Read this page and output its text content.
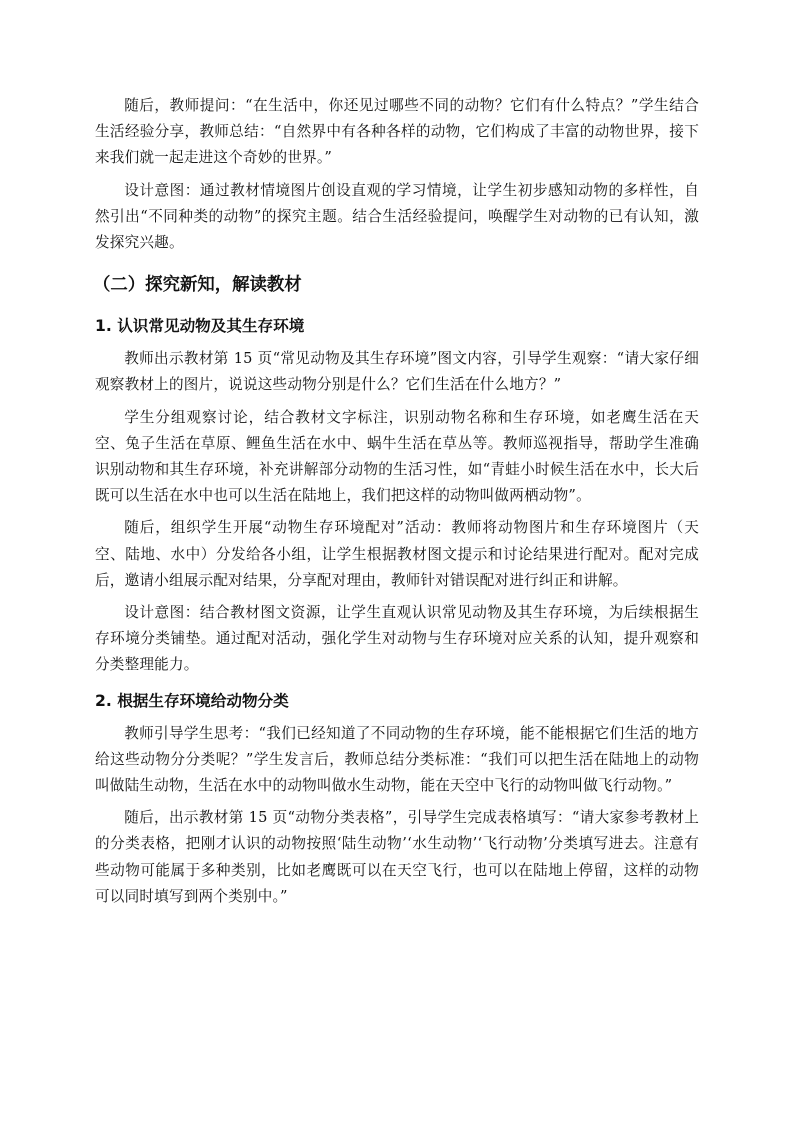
随后，教师提问：“在生活中，你还见过哪些不同的动物？它们有什么特点？”学生结合生活经验分享，教师总结：“自然界中有各种各样的动物，它们构成了丰富的动物世界，接下来我们就一起走进这个奇妙的世界。”

设计意图：通过教材情境图片创设直观的学习情境，让学生初步感知动物的多样性，自然引出“不同种类的动物”的探究主题。结合生活经验提问，唤醒学生对动物的已有认知，激发探究兴趣。

（二）探究新知，解读教材
1. 认识常见动物及其生存环境

教师出示教材第 15 页“常见动物及其生存环境”图文内容，引导学生观察：“请大家仔细观察教材上的图片，说说这些动物分别是什么？它们生活在什么地方？”

学生分组观察讨论，结合教材文字标注，识别动物名称和生存环境，如老鹰生活在天空、兔子生活在草原、鲤鱼生活在水中、蜗牛生活在草丛等。教师巡视指导，帮助学生准确识别动物和其生存环境，补充讲解部分动物的生活习性，如“青蛙小时候生活在水中，长大后既可以生活在水中也可以生活在陆地上，我们把这样的动物叫做两栖动物”。

随后，组织学生开展“动物生存环境配对”活动：教师将动物图片和生存环境图片（天空、陆地、水中）分发给各小组，让学生根据教材图文提示和讨论结果进行配对。配对完成后，邀请小组展示配对结果，分享配对理由，教师针对错误配对进行纠正和讲解。

设计意图：结合教材图文资源，让学生直观认识常见动物及其生存环境，为后续根据生存环境分类铺垫。通过配对活动，强化学生对动物与生存环境对应关系的认知，提升观察和分类整理能力。

2. 根据生存环境给动物分类

教师引导学生思考：“我们已经知道了不同动物的生存环境，能不能根据它们生活的地方给这些动物分分类呢？”学生发言后，教师总结分类标准：“我们可以把生活在陆地上的动物叫做陆生动物，生活在水中的动物叫做水生动物，能在天空中飞行的动物叫做飞行动物。”

随后，出示教材第 15 页“动物分类表格”，引导学生完成表格填写：“请大家参考教材上的分类表格，把刚才认识的动物按照‘陆生动物’‘水生动物’‘飞行动物’分类填写进去。注意有些动物可能属于多种类别，比如老鹰既可以在天空飞行，也可以在陆地上停留，这样的动物可以同时填写到两个类别中。”
